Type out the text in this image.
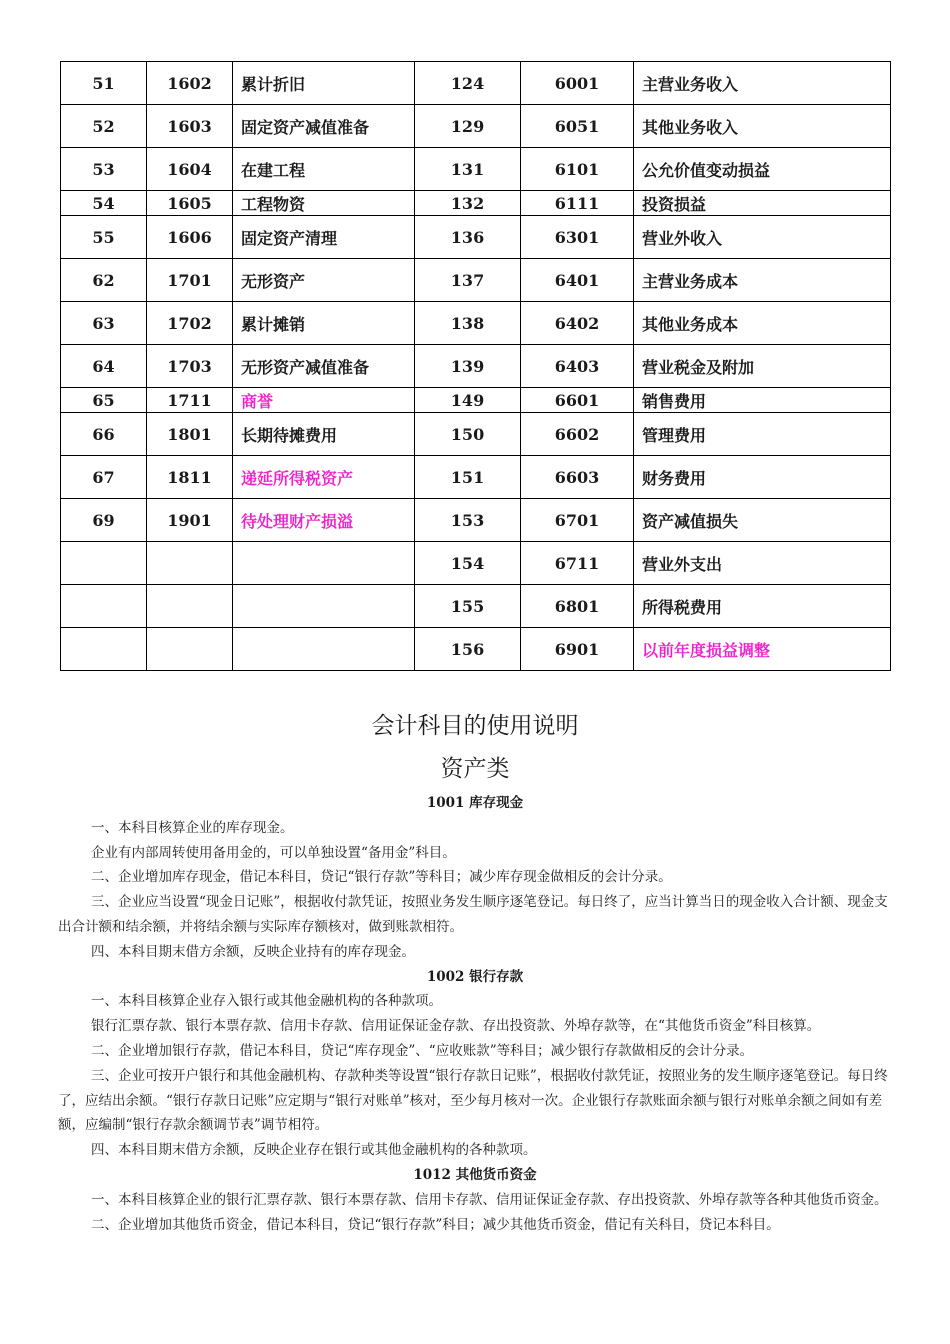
51	1602	累计折旧	124	6001	主营业务收入
52	1603	固定资产减值准备	129	6051	其他业务收入
53	1604	在建工程	131	6101	公允价值变动损益
54	1605	工程物资	132	6111	投资损益
55	1606	固定资产清理	136	6301	营业外收入
62	1701	无形资产	137	6401	主营业务成本
63	1702	累计摊销	138	6402	其他业务成本
64	1703	无形资产减值准备	139	6403	营业税金及附加
65	1711	商誉	149	6601	销售费用
66	1801	长期待摊费用	150	6602	管理费用
67	1811	递延所得税资产	151	6603	财务费用
69	1901	待处理财产损溢	153	6701	资产减值损失
			154	6711	营业外支出
			155	6801	所得税费用
			156	6901	以前年度损益调整
会计科目的使用说明
资产类
1001 库存现金

一、本科目核算企业的库存现金。

企业有内部周转使用备用金的，可以单独设置“备用金”科目。

二、企业增加库存现金，借记本科目，贷记“银行存款”等科目；减少库存现金做相反的会计分录。

三、企业应当设置“现金日记账”，根据收付款凭证，按照业务发生顺序逐笔登记。每日终了，应当计算当日的现金收入合计额、现金支出合计额和结余额，并将结余额与实际库存额核对，做到账款相符。

四、本科目期末借方余额，反映企业持有的库存现金。

1002 银行存款

一、本科目核算企业存入银行或其他金融机构的各种款项。

银行汇票存款、银行本票存款、信用卡存款、信用证保证金存款、存出投资款、外埠存款等，在“其他货币资金”科目核算。

二、企业增加银行存款，借记本科目，贷记“库存现金”、“应收账款”等科目；减少银行存款做相反的会计分录。

三、企业可按开户银行和其他金融机构、存款种类等设置“银行存款日记账”，根据收付款凭证，按照业务的发生顺序逐笔登记。每日终了，应结出余额。“银行存款日记账”应定期与“银行对账单”核对，至少每月核对一次。企业银行存款账面余额与银行对账单余额之间如有差额，应编制“银行存款余额调节表”调节相符。

四、本科目期末借方余额，反映企业存在银行或其他金融机构的各种款项。

1012 其他货币资金

一、本科目核算企业的银行汇票存款、银行本票存款、信用卡存款、信用证保证金存款、存出投资款、外埠存款等各种其他货币资金。

二、企业增加其他货币资金，借记本科目，贷记“银行存款”科目；减少其他货币资金，借记有关科目，贷记本科目。
